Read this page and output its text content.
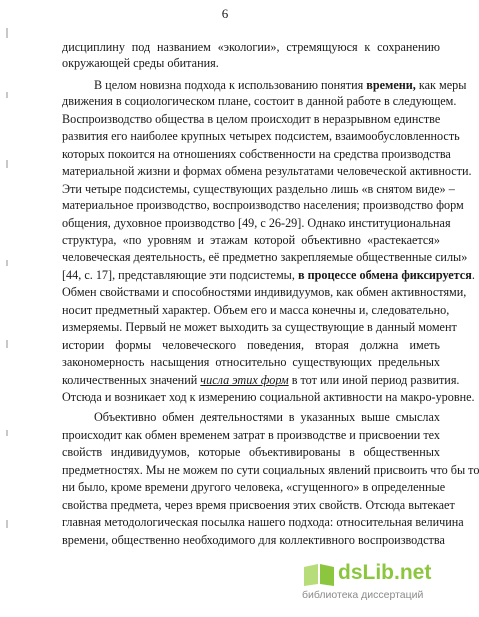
6
дисциплину под названием «экологии», стремящуюся к сохранению
окружающей среды обитания.
В целом новизна подхода к использованию понятия времени, как меры
движения в социологическом плане, состоит в данной работе в следующем.
Воспроизводство общества в целом происходит в неразрывном единстве
развития его наиболее крупных четырех подсистем, взаимообусловленность
которых покоится на отношениях собственности на средства производства
материальной жизни и формах обмена результатами человеческой активности.
Эти четыре подсистемы, существующих раздельно лишь «в снятом виде» –
материальное производство, воспроизводство населения; производство форм
общения, духовное производство [49, с 26-29]. Однако институциональная
структура, «по уровням и этажам которой объективно «растекается»
человеческая деятельность, её предметно закрепляемые общественные силы»
[44, с. 17], представляющие эти подсистемы, в процессе обмена фиксируется.
Обмен свойствами и способностями индивидуумов, как обмен активностями,
носит предметный характер. Объем его и масса конечны и, следовательно,
измеряемы. Первый не может выходить за существующие в данный момент
истории формы человеческого поведения, вторая должна иметь
закономерность насыщения относительно существующих предельных
количественных значений числа этих форм в тот или иной период развития.
Отсюда и возникает ход к измерению социальной активности на макро-уровне.
Объективно обмен деятельностями в указанных выше смыслах
происходит как обмен временем затрат в производстве и присвоении тех
свойств индивидуумов, которые объективированы в общественных
предметностях. Мы не можем по сути социальных явлений присвоить что бы то
ни было, кроме времени другого человека, «сгущенного» в определенные
свойства предмета, через время присвоения этих свойств. Отсюда вытекает
главная методологическая посылка нашего подхода: относительная величина
времени, общественно необходимого для коллективного воспроизводства
dsLib.net
библиотека диссертаций
